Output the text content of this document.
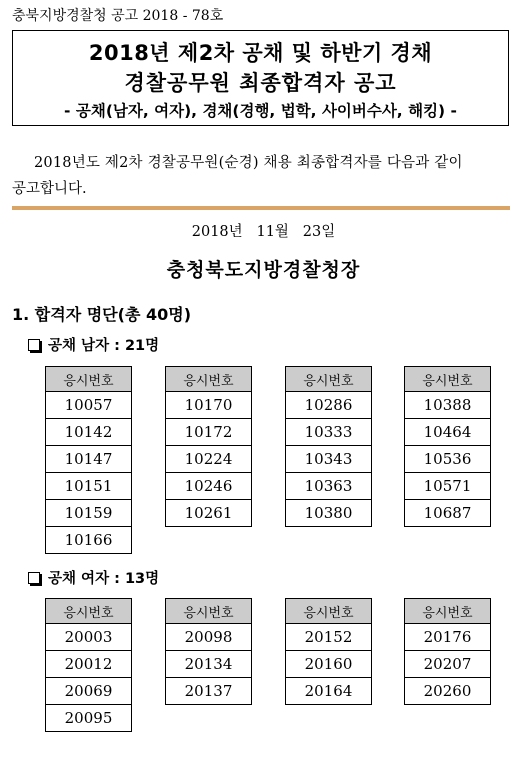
충북지방경찰청 공고 2018 - 78호
2018년 제2차 공채 및 하반기 경채
경찰공무원 최종합격자 공고
- 공채(남자, 여자), 경채(경행, 법학, 사이버수사, 해킹) -
2018년도 제2차 경찰공무원(순경) 채용 최종합격자를 다음과 같이
공고합니다.
2018년   11월   23일
충청북도지방경찰청장
1. 합격자 명단(총 40명)
공채 남자 : 21명
응시번호
10057
10142
10147
10151
10159
10166
응시번호
10170
10172
10224
10246
10261
응시번호
10286
10333
10343
10363
10380
응시번호
10388
10464
10536
10571
10687
공채 여자 : 13명
응시번호
20003
20012
20069
20095
응시번호
20098
20134
20137
응시번호
20152
20160
20164
응시번호
20176
20207
20260
